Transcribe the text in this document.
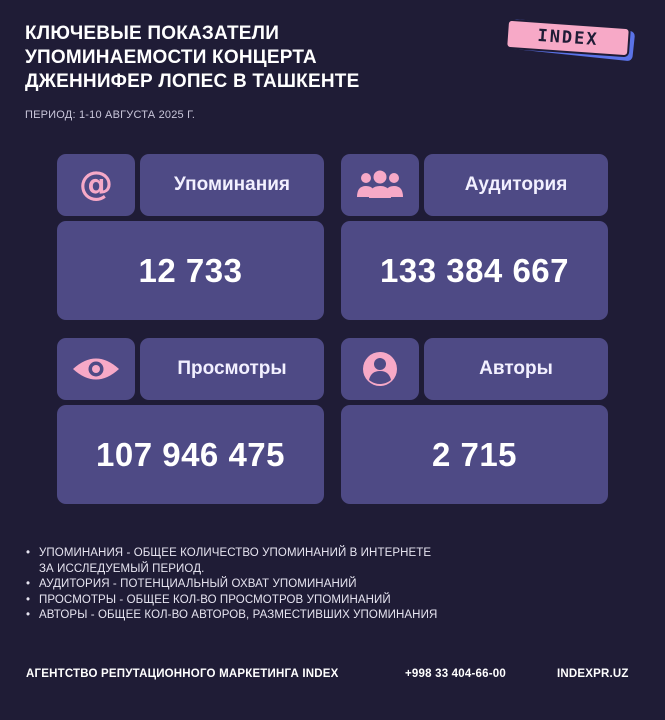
КЛЮЧЕВЫЕ ПОКАЗАТЕЛИ
УПОМИНАЕМОСТИ КОНЦЕРТА
ДЖЕННИФЕР ЛОПЕС В ТАШКЕНТЕ
ПЕРИОД: 1-10 АВГУСТА 2025 Г.
INDEX
@	Упоминания
12 733
Аудитория
133 384 667
Просмотры
107 946 475
Авторы
2 715
• УПОМИНАНИЯ - ОБЩЕЕ КОЛИЧЕСТВО УПОМИНАНИЙ В ИНТЕРНЕТЕ
ЗА ИССЛЕДУЕМЫЙ ПЕРИОД.
• АУДИТОРИЯ - ПОТЕНЦИАЛЬНЫЙ ОХВАТ УПОМИНАНИЙ
• ПРОСМОТРЫ - ОБЩЕЕ КОЛ-ВО ПРОСМОТРОВ УПОМИНАНИЙ
• АВТОРЫ - ОБЩЕЕ КОЛ-ВО АВТОРОВ, РАЗМЕСТИВШИХ УПОМИНАНИЯ
АГЕНТСТВО РЕПУТАЦИОННОГО МАРКЕТИНГА INDEX	+998 33 404-66-00	INDEXPR.UZ
